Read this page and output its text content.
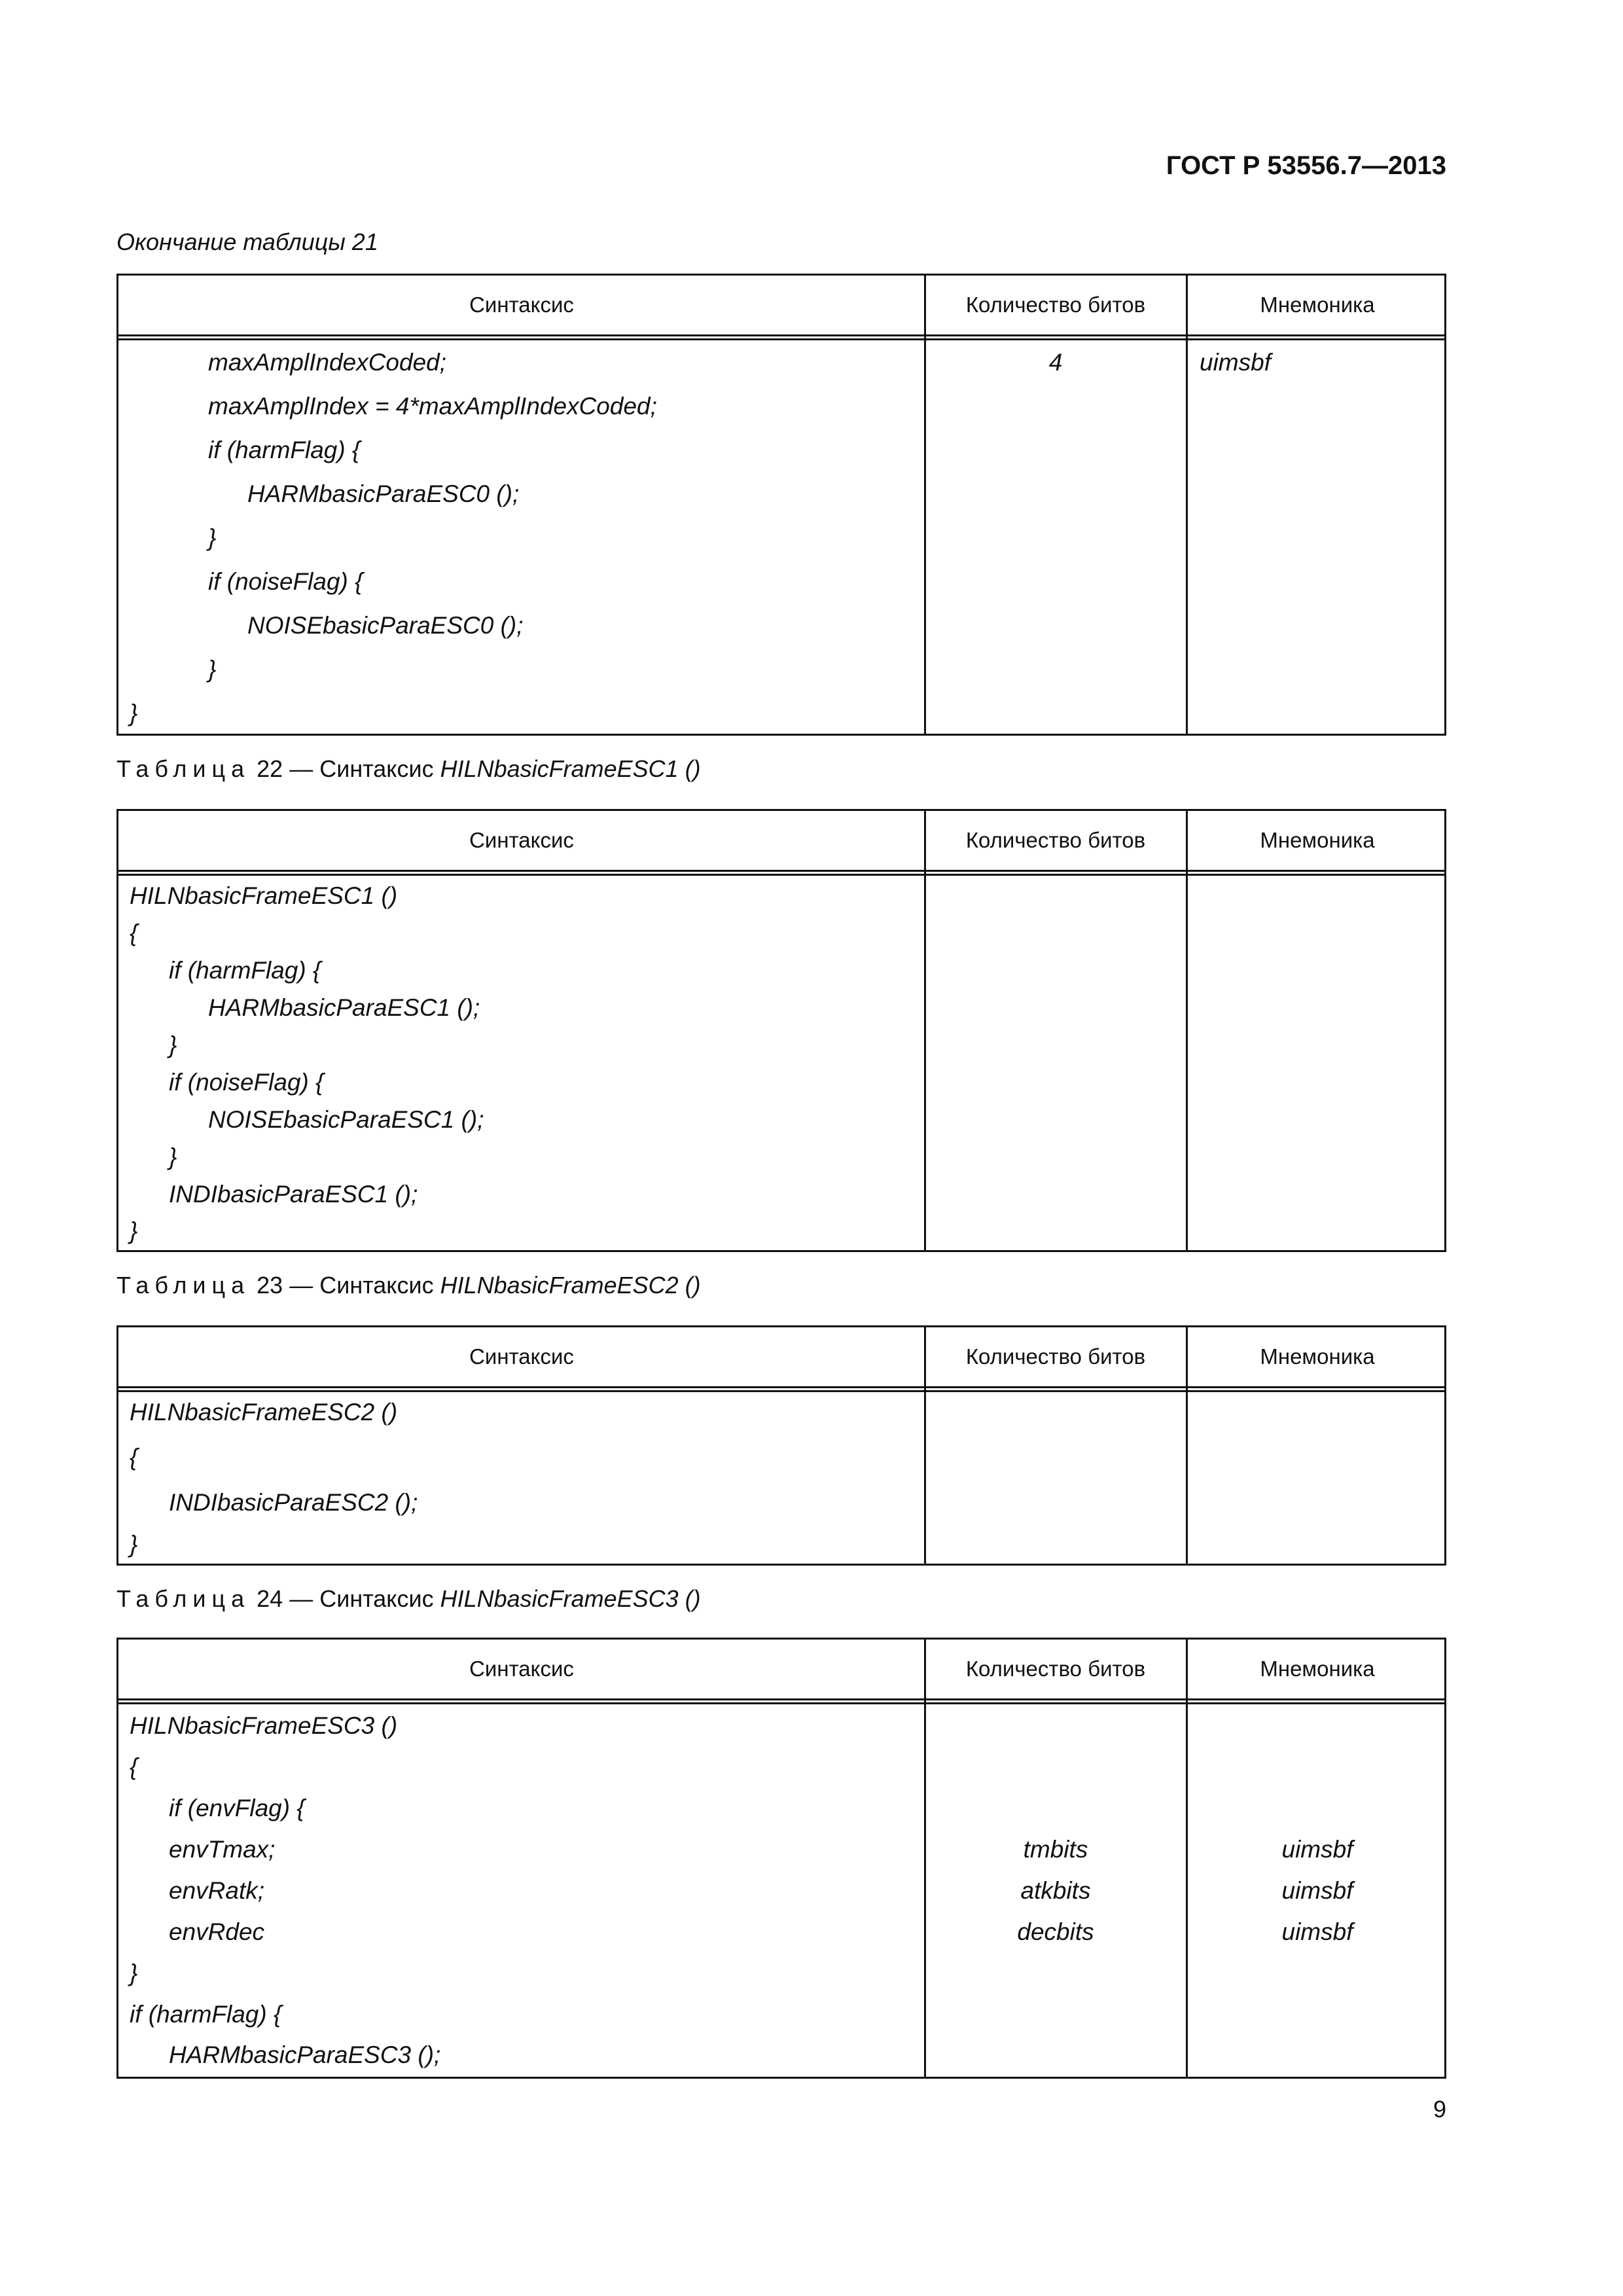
ГОСТ Р 53556.7—2013
Окончание таблицы 21
Синтаксис	Количество битов	Мнемоника
maxAmplIndexCoded;	4	uimsbf
maxAmplIndex = 4*maxAmplIndexCoded;
if (harmFlag) {
HARMbasicParaESC0 ();
}
if (noiseFlag) {
NOISEbasicParaESC0 ();
}
}
Таблица 22 — Синтаксис HILNbasicFrameESC1 ()
Синтаксис	Количество битов	Мнемоника
HILNbasicFrameESC1 ()
{
if (harmFlag) {
HARMbasicParaESC1 ();
}
if (noiseFlag) {
NOISEbasicParaESC1 ();
}
INDIbasicParaESC1 ();
}
Таблица 23 — Синтаксис HILNbasicFrameESC2 ()
Синтаксис	Количество битов	Мнемоника
HILNbasicFrameESC2 ()
{
INDIbasicParaESC2 ();
}
Таблица 24 — Синтаксис HILNbasicFrameESC3 ()
Синтаксис	Количество битов	Мнемоника
HILNbasicFrameESC3 ()
{
if (envFlag) {
envTmax;	tmbits	uimsbf
envRatk;	atkbits	uimsbf
envRdec	decbits	uimsbf
}
if (harmFlag) {
HARMbasicParaESC3 ();
9
